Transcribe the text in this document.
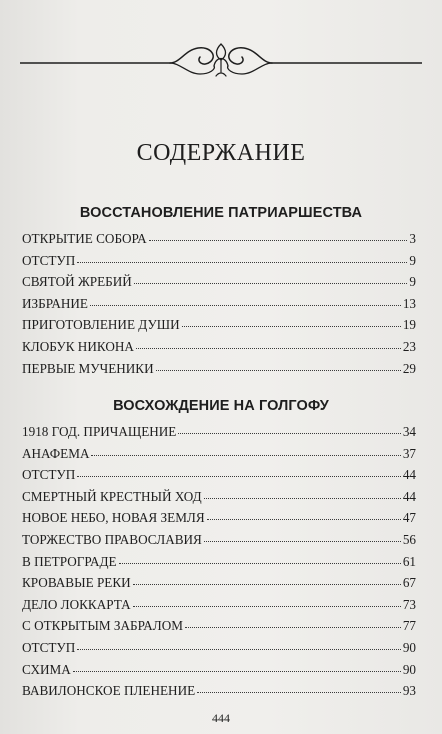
СОДЕРЖАНИЕ
ВОССТАНОВЛЕНИЕ ПАТРИАРШЕСТВА
ОТКРЫТИЕ СОБОРА	3
ОТСТУП	9
СВЯТОЙ ЖРЕБИЙ	9
ИЗБРАНИЕ	13
ПРИГОТОВЛЕНИЕ ДУШИ	19
КЛОБУК НИКОНА	23
ПЕРВЫЕ МУЧЕНИКИ	29
ВОСХОЖДЕНИЕ НА ГОЛГОФУ
1918 ГОД. ПРИЧАЩЕНИЕ	34
АНАФЕМА	37
ОТСТУП	44
СМЕРТНЫЙ КРЕСТНЫЙ ХОД	44
НОВОЕ НЕБО, НОВАЯ ЗЕМЛЯ	47
ТОРЖЕСТВО ПРАВОСЛАВИЯ	56
В ПЕТРОГРАДЕ	61
КРОВАВЫЕ РЕКИ	67
ДЕЛО ЛОККАРТА	73
С ОТКРЫТЫМ ЗАБРАЛОМ	77
ОТСТУП	90
СХИМА	90
ВАВИЛОНСКОЕ ПЛЕНЕНИЕ	93
444
